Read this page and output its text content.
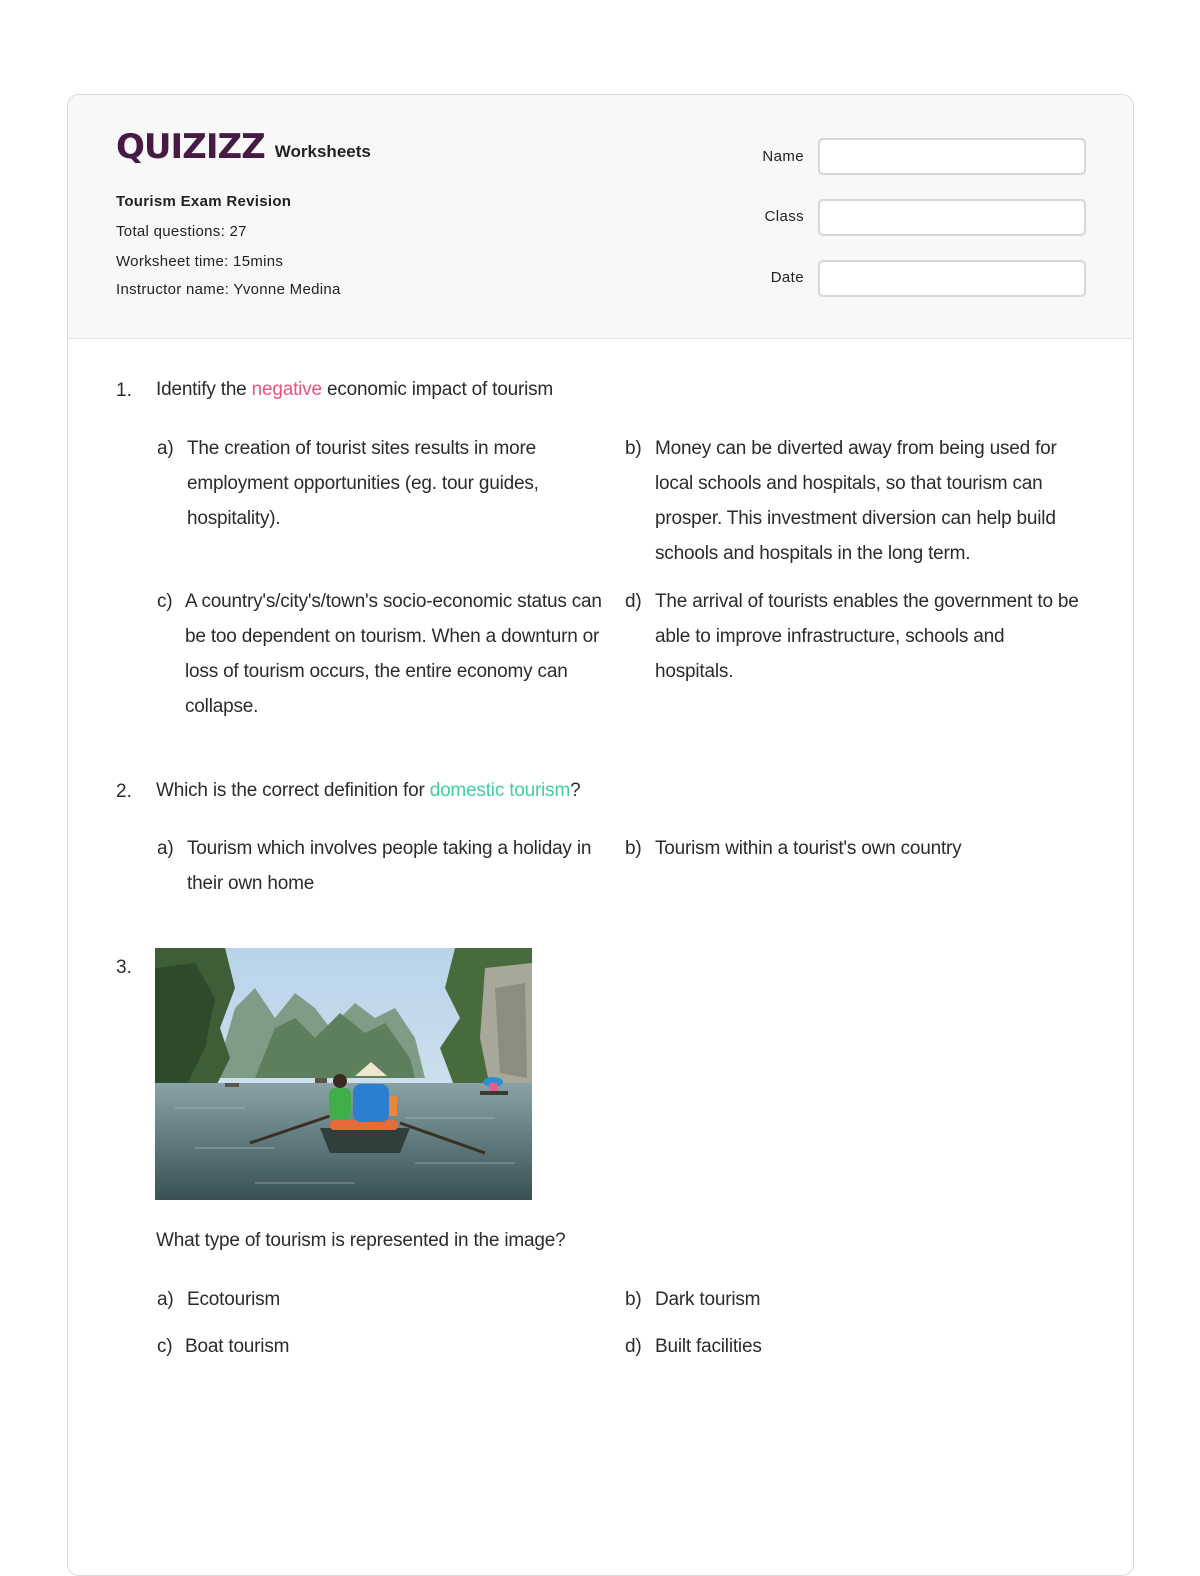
QUIZIZZ Worksheets
Tourism Exam Revision
Total questions: 27
Worksheet time: 15mins
Instructor name: Yvonne Medina
Name
Class
Date
1. Identify the negative economic impact of tourism
a) The creation of tourist sites results in more employment opportunities (eg. tour guides, hospitality).
b) Money can be diverted away from being used for local schools and hospitals, so that tourism can prosper. This investment diversion can help build schools and hospitals in the long term.
c) A country's/city's/town's socio-economic status can be too dependent on tourism. When a downturn or loss of tourism occurs, the entire economy can collapse.
d) The arrival of tourists enables the government to be able to improve infrastructure, schools and hospitals.
2. Which is the correct definition for domestic tourism?
a) Tourism which involves people taking a holiday in their own home
b) Tourism within a tourist's own country
3.
What type of tourism is represented in the image?
a) Ecotourism	b) Dark tourism
c) Boat tourism	d) Built facilities
